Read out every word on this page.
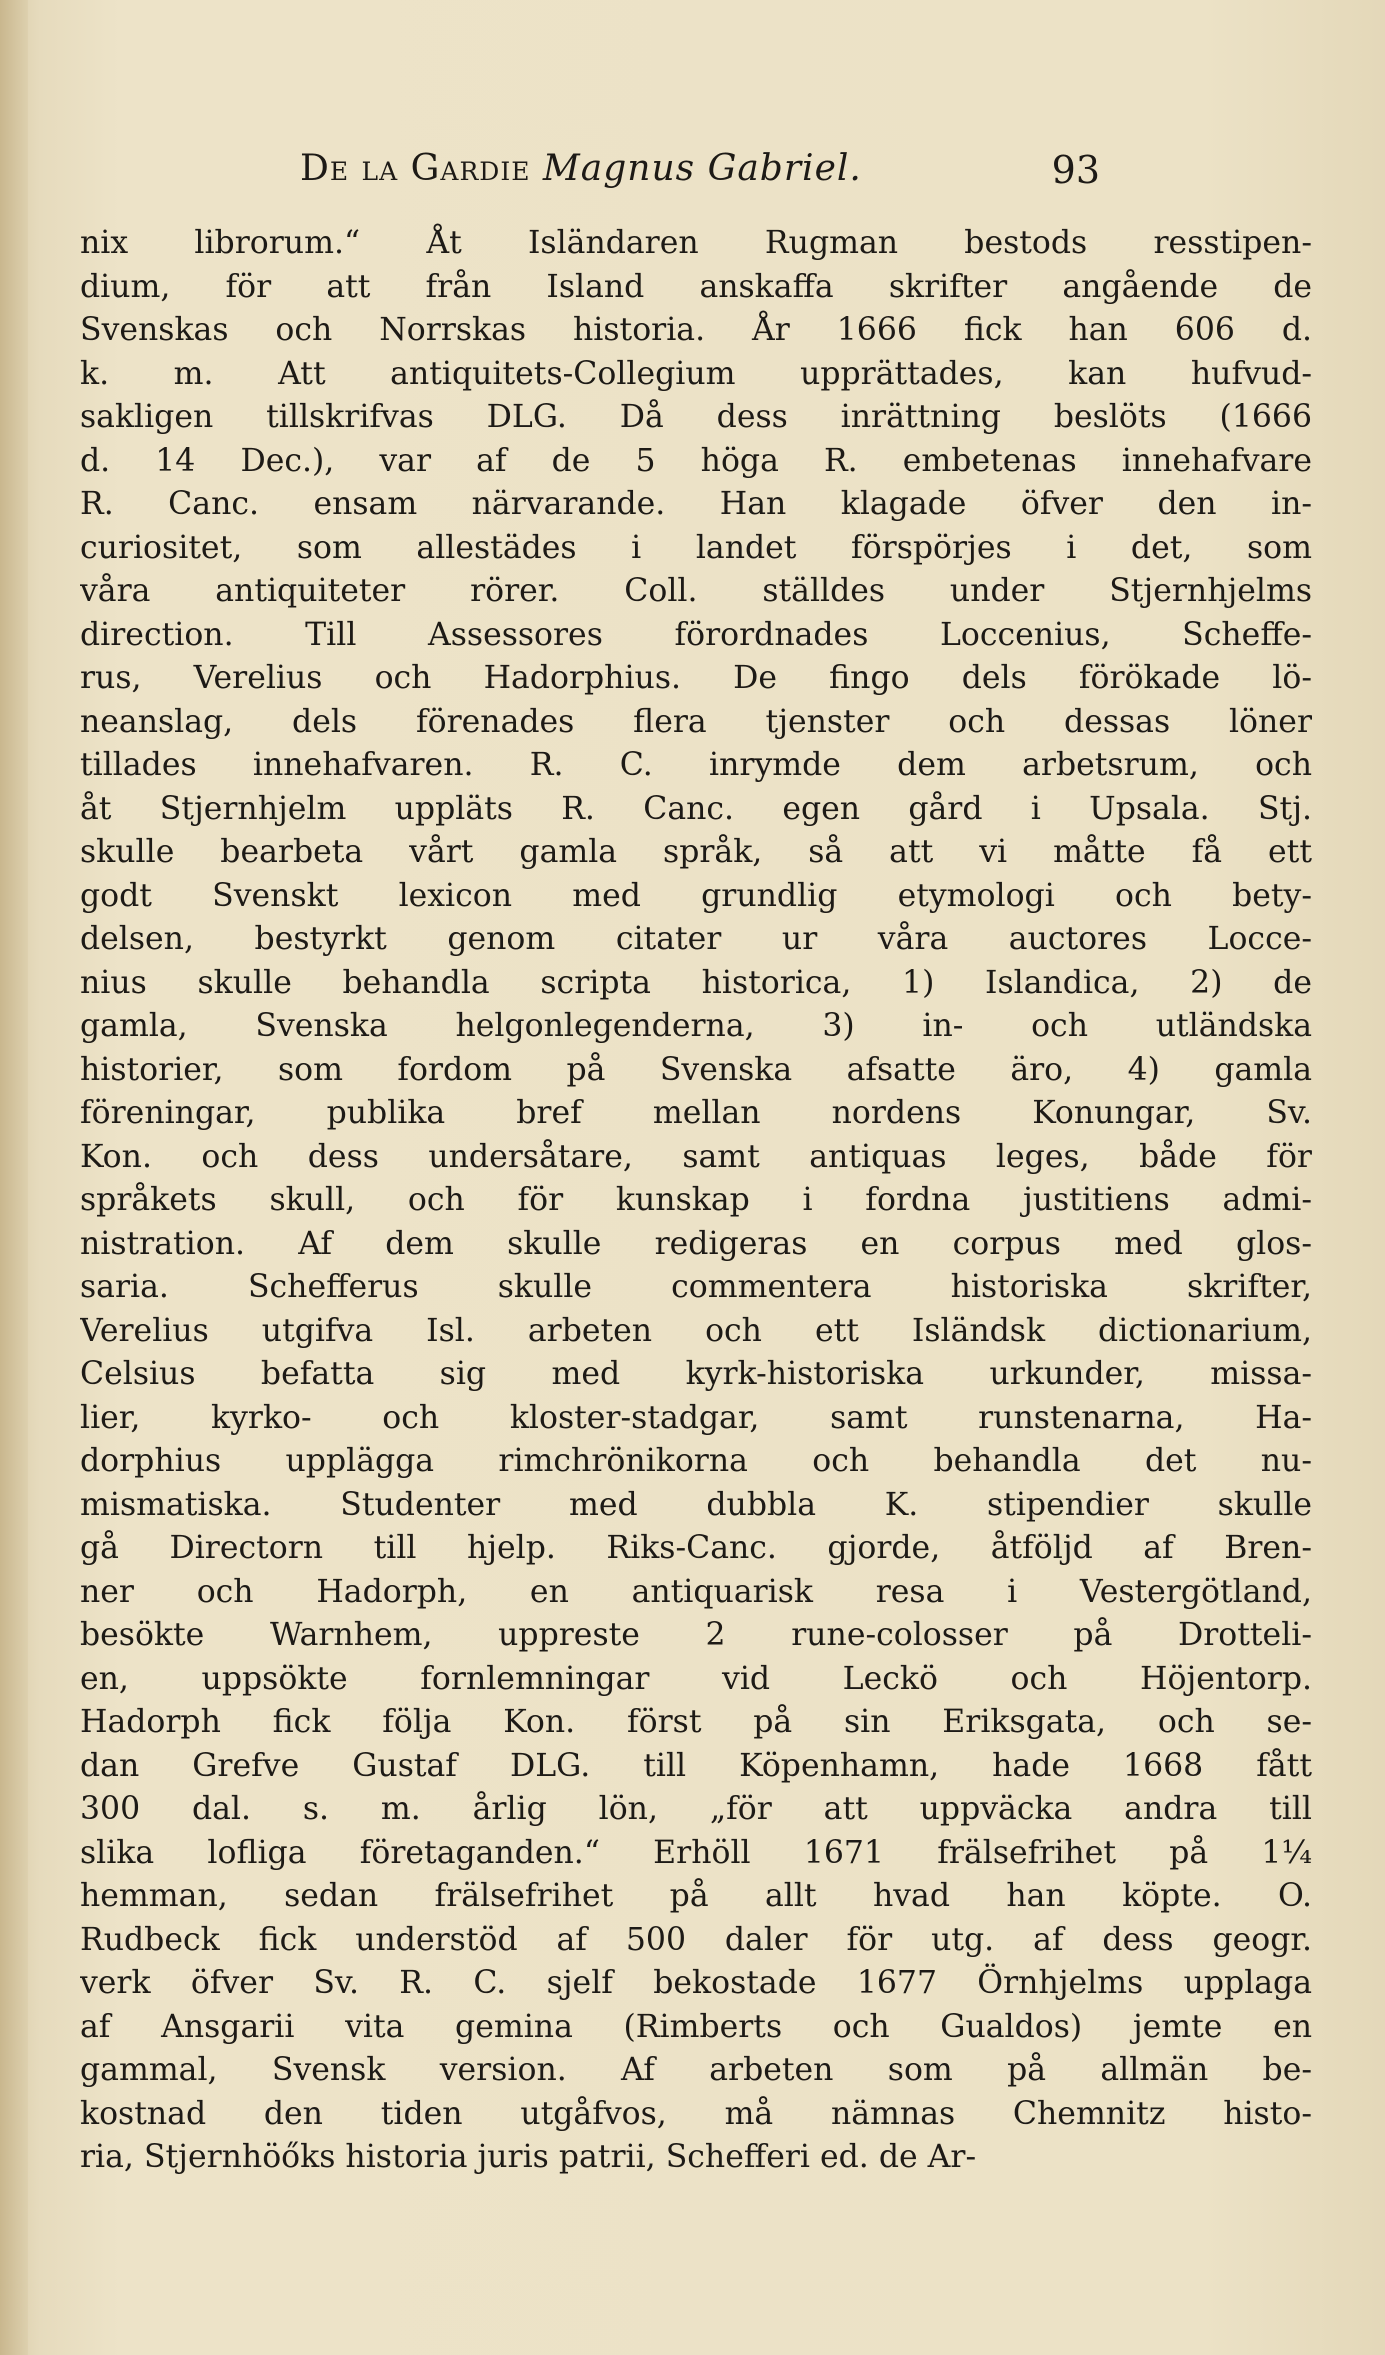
De la Gardie Magnus Gabriel.	93
nix librorum.“ Åt Isländaren Rugman bestods resstipen-
dium, för att från Island anskaffa skrifter angående de
Svenskas och Norrskas historia. År 1666 fick han 606 d.
k. m. Att antiquitets-Collegium upprättades, kan hufvud-
sakligen tillskrifvas DLG. Då dess inrättning beslöts (1666
d. 14 Dec.), var af de 5 höga R. embetenas innehafvare
R. Canc. ensam närvarande. Han klagade öfver den in-
curiositet, som allestädes i landet förspörjes i det, som
våra antiquiteter rörer. Coll. ställdes under Stjernhjelms
direction. Till Assessores förordnades Loccenius, Scheffe-
rus, Verelius och Hadorphius. De fingo dels förökade lö-
neanslag, dels förenades flera tjenster och dessas löner
tillades innehafvaren. R. C. inrymde dem arbetsrum, och
åt Stjernhjelm uppläts R. Canc. egen gård i Upsala. Stj.
skulle bearbeta vårt gamla språk, så att vi måtte få ett
godt Svenskt lexicon med grundlig etymologi och bety-
delsen, bestyrkt genom citater ur våra auctores Locce-
nius skulle behandla scripta historica, 1) Islandica, 2) de
gamla, Svenska helgonlegenderna, 3) in- och utländska
historier, som fordom på Svenska afsatte äro, 4) gamla
föreningar, publika bref mellan nordens Konungar, Sv.
Kon. och dess undersåtare, samt antiquas leges, både för
språkets skull, och för kunskap i fordna justitiens admi-
nistration. Af dem skulle redigeras en corpus med glos-
saria. Schefferus skulle commentera historiska skrifter,
Verelius utgifva Isl. arbeten och ett Isländsk dictionarium,
Celsius befatta sig med kyrk-historiska urkunder, missa-
lier, kyrko- och kloster-stadgar, samt runstenarna, Ha-
dorphius upplägga rimchrönikorna och behandla det nu-
mismatiska. Studenter med dubbla K. stipendier skulle
gå Directorn till hjelp. Riks-Canc. gjorde, åtföljd af Bren-
ner och Hadorph, en antiquarisk resa i Vestergötland,
besökte Warnhem, uppreste 2 rune-colosser på Drotteli-
en, uppsökte fornlemningar vid Leckö och Höjentorp.
Hadorph fick följa Kon. först på sin Eriksgata, och se-
dan Grefve Gustaf DLG. till Köpenhamn, hade 1668 fått
300 dal. s. m. årlig lön, „för att uppväcka andra till
slika lofliga företaganden.“ Erhöll 1671 frälsefrihet på 1¼
hemman, sedan frälsefrihet på allt hvad han köpte. O.
Rudbeck fick understöd af 500 daler för utg. af dess geogr.
verk öfver Sv. R. C. sjelf bekostade 1677 Örnhjelms upplaga
af Ansgarii vita gemina (Rimberts och Gualdos) jemte en
gammal, Svensk version. Af arbeten som på allmän be-
kostnad den tiden utgåfvos, må nämnas Chemnitz histo-
ria, Stjernhöőks historia juris patrii, Schefferi ed. de Ar-
